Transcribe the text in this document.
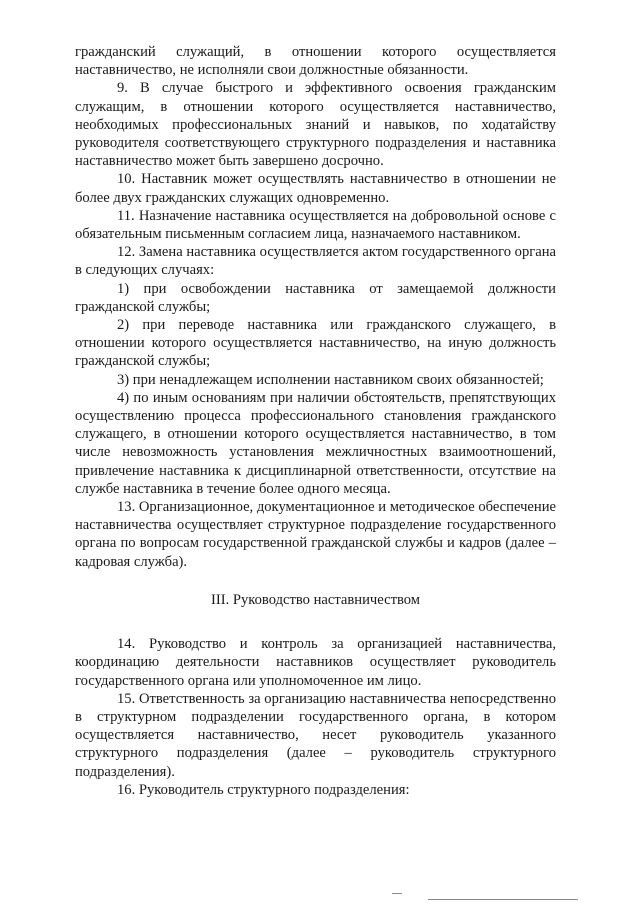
гражданский служащий, в отношении которого осуществляется наставничество, не исполняли свои должностные обязанности.

9. В случае быстрого и эффективного освоения гражданским служащим, в отношении которого осуществляется наставничество, необходимых профессиональных знаний и навыков, по ходатайству руководителя соответствующего структурного подразделения и наставника наставничество может быть завершено досрочно.

10. Наставник может осуществлять наставничество в отношении не более двух гражданских служащих одновременно.

11. Назначение наставника осуществляется на добровольной основе с обязательным письменным согласием лица, назначаемого наставником.

12. Замена наставника осуществляется актом государственного органа в следующих случаях:

1) при освобождении наставника от замещаемой должности гражданской службы;

2) при переводе наставника или гражданского служащего, в отношении которого осуществляется наставничество, на иную должность гражданской службы;

3) при ненадлежащем исполнении наставником своих обязанностей;

4) по иным основаниям при наличии обстоятельств, препятствующих осуществлению процесса профессионального становления гражданского служащего, в отношении которого осуществляется наставничество, в том числе невозможность установления межличностных взаимоотношений, привлечение наставника к дисциплинарной ответственности, отсутствие на службе наставника в течение более одного месяца.

13. Организационное, документационное и методическое обеспечение наставничества осуществляет структурное подразделение государственного органа по вопросам государственной гражданской службы и кадров (далее – кадровая служба).

III. Руководство наставничеством

14. Руководство и контроль за организацией наставничества, координацию деятельности наставников осуществляет руководитель государственного органа или уполномоченное им лицо.

15. Ответственность за организацию наставничества непосредственно в структурном подразделении государственного органа, в котором осуществляется наставничество, несет руководитель указанного структурного подразделения (далее – руководитель структурного подразделения).

16. Руководитель структурного подразделения:
